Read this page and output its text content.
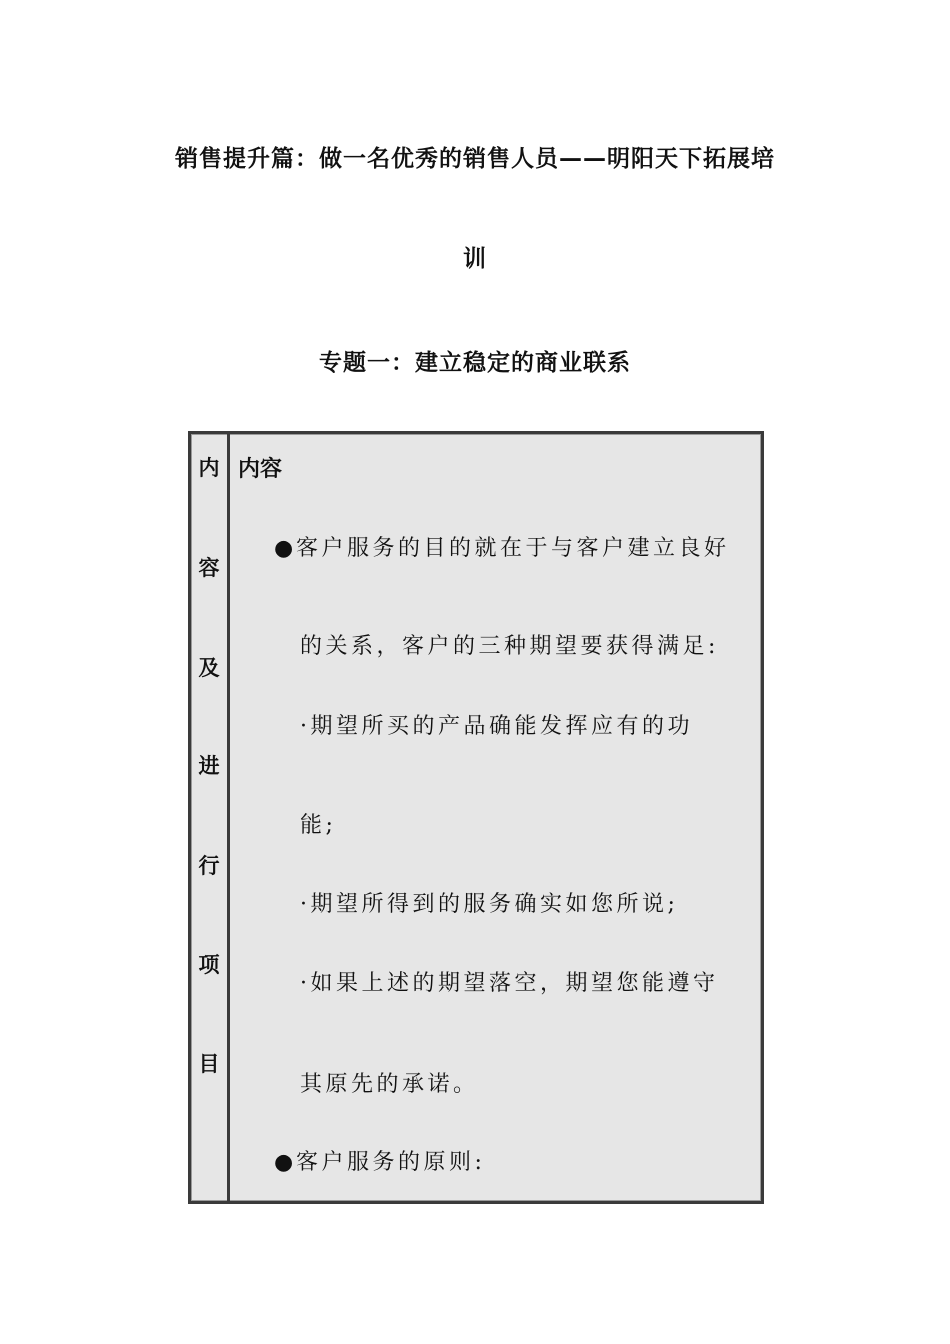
销售提升篇：做一名优秀的销售人员——明阳天下拓展培
训
专题一：建立稳定的商业联系
内
容
及
进
行
项
目
内容
● 客户服务的目的就在于与客户建立良好
的关系，客户的三种期望要获得满足:
·期望所买的产品确能发挥应有的功
能;
·期望所得到的服务确实如您所说;
·如果上述的期望落空，期望您能遵守
其原先的承诺。
● 客户服务的原则:
